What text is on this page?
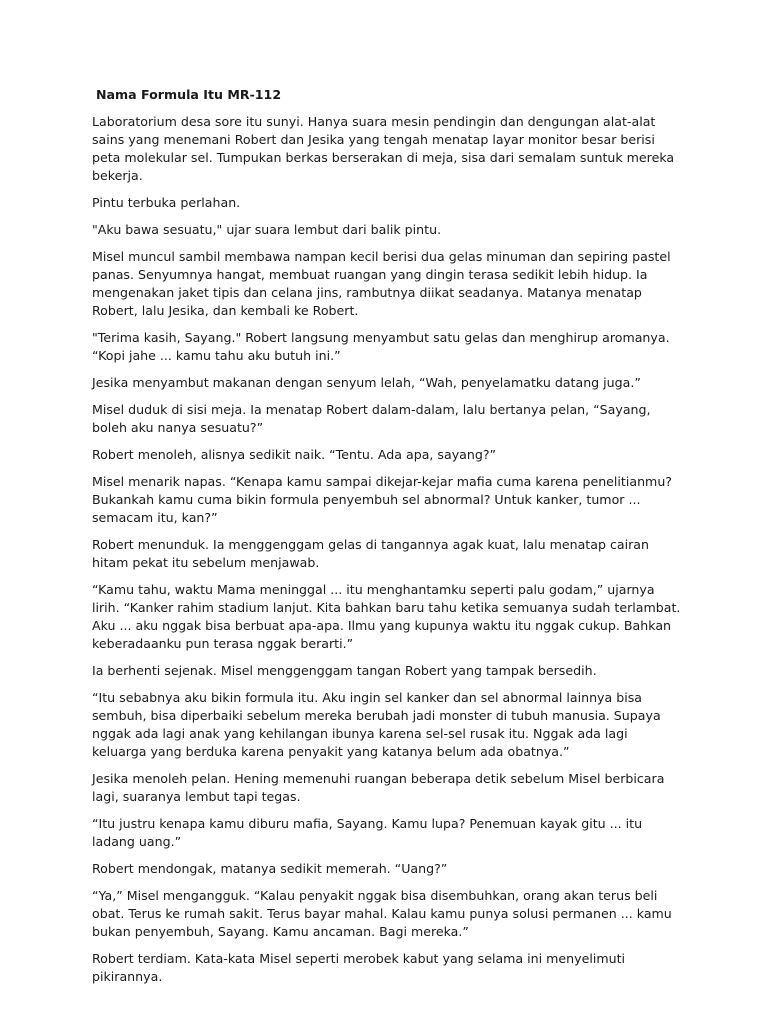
Nama Formula Itu MR-112

Laboratorium desa sore itu sunyi. Hanya suara mesin pendingin dan dengungan alat-alat sains yang menemani Robert dan Jesika yang tengah menatap layar monitor besar berisi peta molekular sel. Tumpukan berkas berserakan di meja, sisa dari semalam suntuk mereka bekerja.

Pintu terbuka perlahan.

"Aku bawa sesuatu," ujar suara lembut dari balik pintu.

Misel muncul sambil membawa nampan kecil berisi dua gelas minuman dan sepiring pastel panas. Senyumnya hangat, membuat ruangan yang dingin terasa sedikit lebih hidup. Ia mengenakan jaket tipis dan celana jins, rambutnya diikat seadanya. Matanya menatap Robert, lalu Jesika, dan kembali ke Robert.

"Terima kasih, Sayang." Robert langsung menyambut satu gelas dan menghirup aromanya. “Kopi jahe ... kamu tahu aku butuh ini.”

Jesika menyambut makanan dengan senyum lelah, “Wah, penyelamatku datang juga.”

Misel duduk di sisi meja. Ia menatap Robert dalam-dalam, lalu bertanya pelan, “Sayang, boleh aku nanya sesuatu?”

Robert menoleh, alisnya sedikit naik. “Tentu. Ada apa, sayang?”

Misel menarik napas. “Kenapa kamu sampai dikejar-kejar mafia cuma karena penelitianmu? Bukankah kamu cuma bikin formula penyembuh sel abnormal? Untuk kanker, tumor ... semacam itu, kan?”

Robert menunduk. Ia menggenggam gelas di tangannya agak kuat, lalu menatap cairan hitam pekat itu sebelum menjawab.

“Kamu tahu, waktu Mama meninggal ... itu menghantamku seperti palu godam,” ujarnya lirih. “Kanker rahim stadium lanjut. Kita bahkan baru tahu ketika semuanya sudah terlambat. Aku ... aku nggak bisa berbuat apa-apa. Ilmu yang kupunya waktu itu nggak cukup. Bahkan keberadaanku pun terasa nggak berarti.”

Ia berhenti sejenak. Misel menggenggam tangan Robert yang tampak bersedih.

“Itu sebabnya aku bikin formula itu. Aku ingin sel kanker dan sel abnormal lainnya bisa sembuh, bisa diperbaiki sebelum mereka berubah jadi monster di tubuh manusia. Supaya nggak ada lagi anak yang kehilangan ibunya karena sel-sel rusak itu. Nggak ada lagi keluarga yang berduka karena penyakit yang katanya belum ada obatnya.”

Jesika menoleh pelan. Hening memenuhi ruangan beberapa detik sebelum Misel berbicara lagi, suaranya lembut tapi tegas.

“Itu justru kenapa kamu diburu mafia, Sayang. Kamu lupa? Penemuan kayak gitu ... itu ladang uang.”

Robert mendongak, matanya sedikit memerah. “Uang?”

“Ya,” Misel mengangguk. “Kalau penyakit nggak bisa disembuhkan, orang akan terus beli obat. Terus ke rumah sakit. Terus bayar mahal. Kalau kamu punya solusi permanen ... kamu bukan penyembuh, Sayang. Kamu ancaman. Bagi mereka.”

Robert terdiam. Kata-kata Misel seperti merobek kabut yang selama ini menyelimuti pikirannya.
